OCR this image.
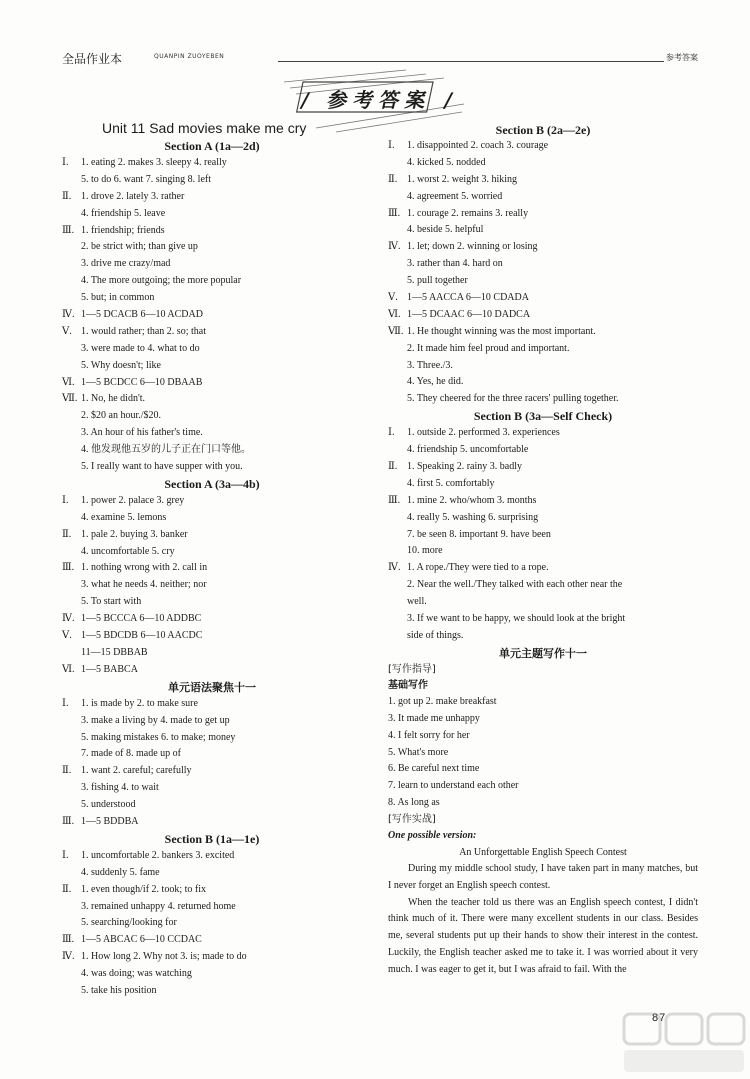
全品作业本	QUANPIN ZUOYEBEN	参考答案
/ 参考答案 /
Unit 11 Sad movies make me cry
Section A (1a—2d)
Ⅰ. 1. eating 2. makes 3. sleepy 4. really
5. to do 6. want 7. singing 8. left
Ⅱ. 1. drove 2. lately 3. rather
4. friendship 5. leave
Ⅲ. 1. friendship; friends
2. be strict with; than give up
3. drive me crazy/mad
4. The more outgoing; the more popular
5. but; in common
Ⅳ. 1—5 DCACB 6—10 ACDAD
Ⅴ. 1. would rather; than 2. so; that
3. were made to 4. what to do
5. Why doesn't; like
Ⅵ. 1—5 BCDCC 6—10 DBAAB
Ⅶ. 1. No, he didn't.
2. $20 an hour./$20.
3. An hour of his father's time.
4. 他发现他五岁的儿子正在门口等他。
5. I really want to have supper with you.
Section A (3a—4b)
Ⅰ. 1. power 2. palace 3. grey
4. examine 5. lemons
Ⅱ. 1. pale 2. buying 3. banker
4. uncomfortable 5. cry
Ⅲ. 1. nothing wrong with 2. call in
3. what he needs 4. neither; nor
5. To start with
Ⅳ. 1—5 BCCCA 6—10 ADDBC
Ⅴ. 1—5 BDCDB 6—10 AACDC
11—15 DBBAB
Ⅵ. 1—5 BABCA
单元语法聚焦十一
Ⅰ. 1. is made by 2. to make sure
3. make a living by 4. made to get up
5. making mistakes 6. to make; money
7. made of 8. made up of
Ⅱ. 1. want 2. careful; carefully
3. fishing 4. to wait
5. understood
Ⅲ. 1—5 BDDBA
Section B (1a—1e)
Ⅰ. 1. uncomfortable 2. bankers 3. excited
4. suddenly 5. fame
Ⅱ. 1. even though/if 2. took; to fix
3. remained unhappy 4. returned home
5. searching/looking for
Ⅲ. 1—5 ABCAC 6—10 CCDAC
Ⅳ. 1. How long 2. Why not 3. is; made to do
4. was doing; was watching
5. take his position
Section B (2a—2e)
Ⅰ. 1. disappointed 2. coach 3. courage
4. kicked 5. nodded
Ⅱ. 1. worst 2. weight 3. hiking
4. agreement 5. worried
Ⅲ. 1. courage 2. remains 3. really
4. beside 5. helpful
Ⅳ. 1. let; down 2. winning or losing
3. rather than 4. hard on
5. pull together
Ⅴ. 1—5 AACCA 6—10 CDADA
Ⅵ. 1—5 DCAAC 6—10 DADCA
Ⅶ. 1. He thought winning was the most important.
2. It made him feel proud and important.
3. Three./3.
4. Yes, he did.
5. They cheered for the three racers' pulling together.
Section B (3a—Self Check)
Ⅰ. 1. outside 2. performed 3. experiences
4. friendship 5. uncomfortable
Ⅱ. 1. Speaking 2. rainy 3. badly
4. first 5. comfortably
Ⅲ. 1. mine 2. who/whom 3. months
4. really 5. washing 6. surprising
7. be seen 8. important 9. have been
10. more
Ⅳ. 1. A rope./They were tied to a rope.
2. Near the well./They talked with each other near the
well.
3. If we want to be happy, we should look at the bright
side of things.
单元主题写作十一
[写作指导]
基础写作
1. got up 2. make breakfast
3. It made me unhappy
4. I felt sorry for her
5. What's more
6. Be careful next time
7. learn to understand each other
8. As long as
[写作实战]
One possible version:
An Unforgettable English Speech Contest

During my middle school study, I have taken part in many matches, but I never forget an English speech contest.

When the teacher told us there was an English speech contest, I didn't think much of it. There were many excellent students in our class. Besides me, several students put up their hands to show their interest in the contest. Luckily, the English teacher asked me to take it. I was worried about it very much. I was eager to get it, but I was afraid to fail. With the

87
